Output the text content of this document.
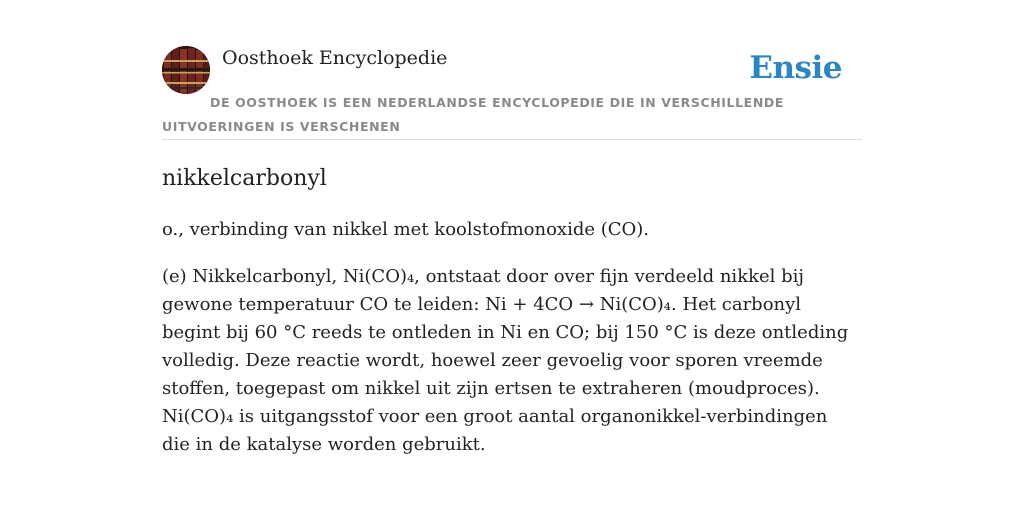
Oosthoek Encyclopedie	Ensie
DE OOSTHOEK IS EEN NEDERLANDSE ENCYCLOPEDIE DIE IN VERSCHILLENDE UITVOERINGEN IS VERSCHENEN
nikkelcarbonyl

o., verbinding van nikkel met koolstofmonoxide (CO).

(e) Nikkelcarbonyl, Ni(CO)₄, ontstaat door over fijn verdeeld nikkel bij gewone temperatuur CO te leiden: Ni + 4CO → Ni(CO)₄. Het carbonyl begint bij 60 °C reeds te ontleden in Ni en CO; bij 150 °C is deze ontleding volledig. Deze reactie wordt, hoewel zeer gevoelig voor sporen vreemde stoffen, toegepast om nikkel uit zijn ertsen te extraheren (moudproces). Ni(CO)₄ is uitgangsstof voor een groot aantal organonikkel-verbindingen die in de katalyse worden gebruikt.
